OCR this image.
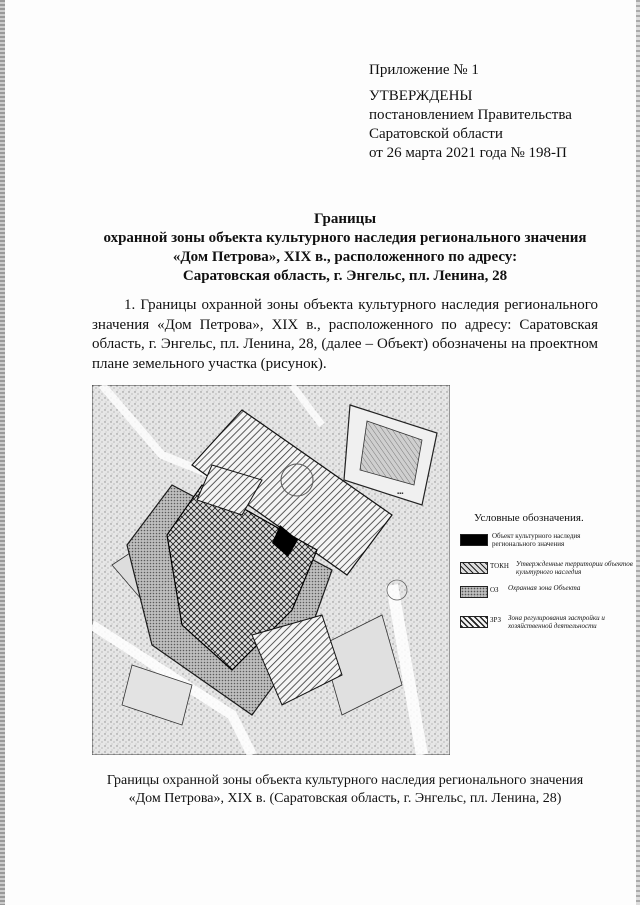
Приложение № 1
УТВЕРЖДЕНЫ
постановлением Правительства
Саратовской области
от 26 марта 2021 года № 198-П
Границы
охранной зоны объекта культурного наследия регионального значения
«Дом Петрова», XIX в., расположенного по адресу:
Саратовская область, г. Энгельс, пл. Ленина, 28
1. Границы охранной зоны объекта культурного наследия регионального значения «Дом Петрова», XIX в., расположенного по адресу: Саратовская область, г. Энгельс, пл. Ленина, 28, (далее – Объект) обозначены на проектном плане земельного участка (рисунок).
▪▪▪
Условные обозначения.
Объект культурного наследия регионального значения
ТОКН Утвержденные территории объектов культурного наследия
ОЗ Охранная зона Объекта
ЗРЗ Зона регулирования застройки и хозяйственной деятельности
Границы охранной зоны объекта культурного наследия регионального значения
«Дом Петрова», XIX в. (Саратовская область, г. Энгельс, пл. Ленина, 28)
